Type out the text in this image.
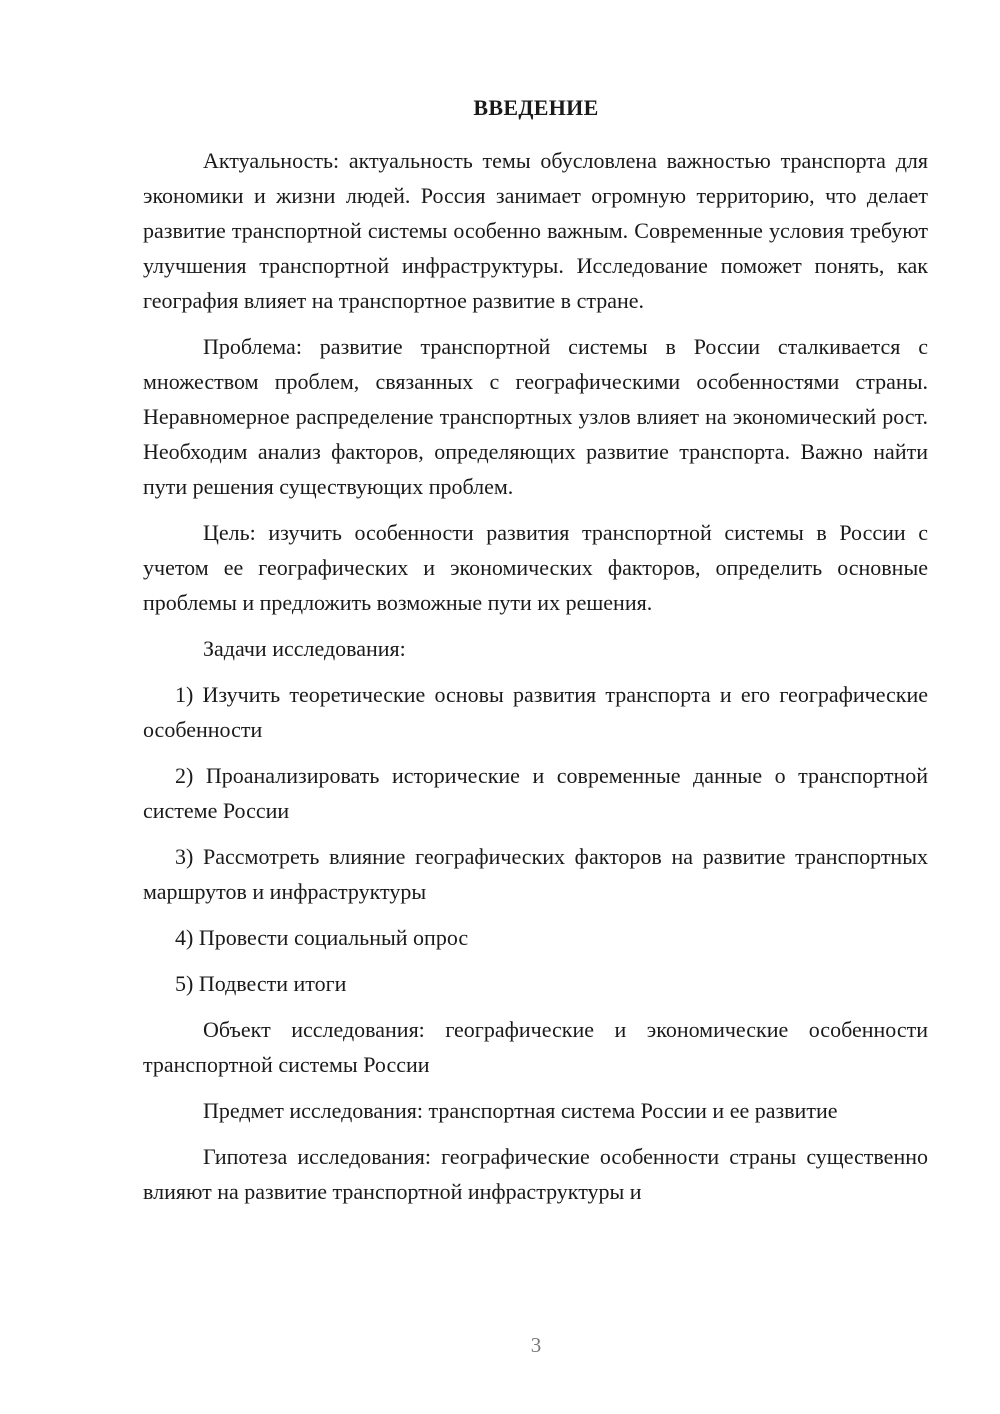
ВВЕДЕНИЕ

Актуальность: актуальность темы обусловлена важностью транспорта для экономики и жизни людей. Россия занимает огромную территорию, что делает развитие транспортной системы особенно важным. Современные условия требуют улучшения транспортной инфраструктуры. Исследование поможет понять, как география влияет на транспортное развитие в стране.

Проблема: развитие транспортной системы в России сталкивается с множеством проблем, связанных с географическими особенностями страны. Неравномерное распределение транспортных узлов влияет на экономический рост. Необходим анализ факторов, определяющих развитие транспорта. Важно найти пути решения существующих проблем.

Цель: изучить особенности развития транспортной системы в России с учетом ее географических и экономических факторов, определить основные проблемы и предложить возможные пути их решения.

Задачи исследования:

1) Изучить теоретические основы развития транспорта и его географические особенности

2) Проанализировать исторические и современные данные о транспортной системе России

3) Рассмотреть влияние географических факторов на развитие транспортных маршрутов и инфраструктуры

4) Провести социальный опрос

5) Подвести итоги

Объект исследования: географические и экономические особенности транспортной системы России

Предмет исследования: транспортная система России и ее развитие

Гипотеза исследования: географические особенности страны существенно влияют на развитие транспортной инфраструктуры и

3
